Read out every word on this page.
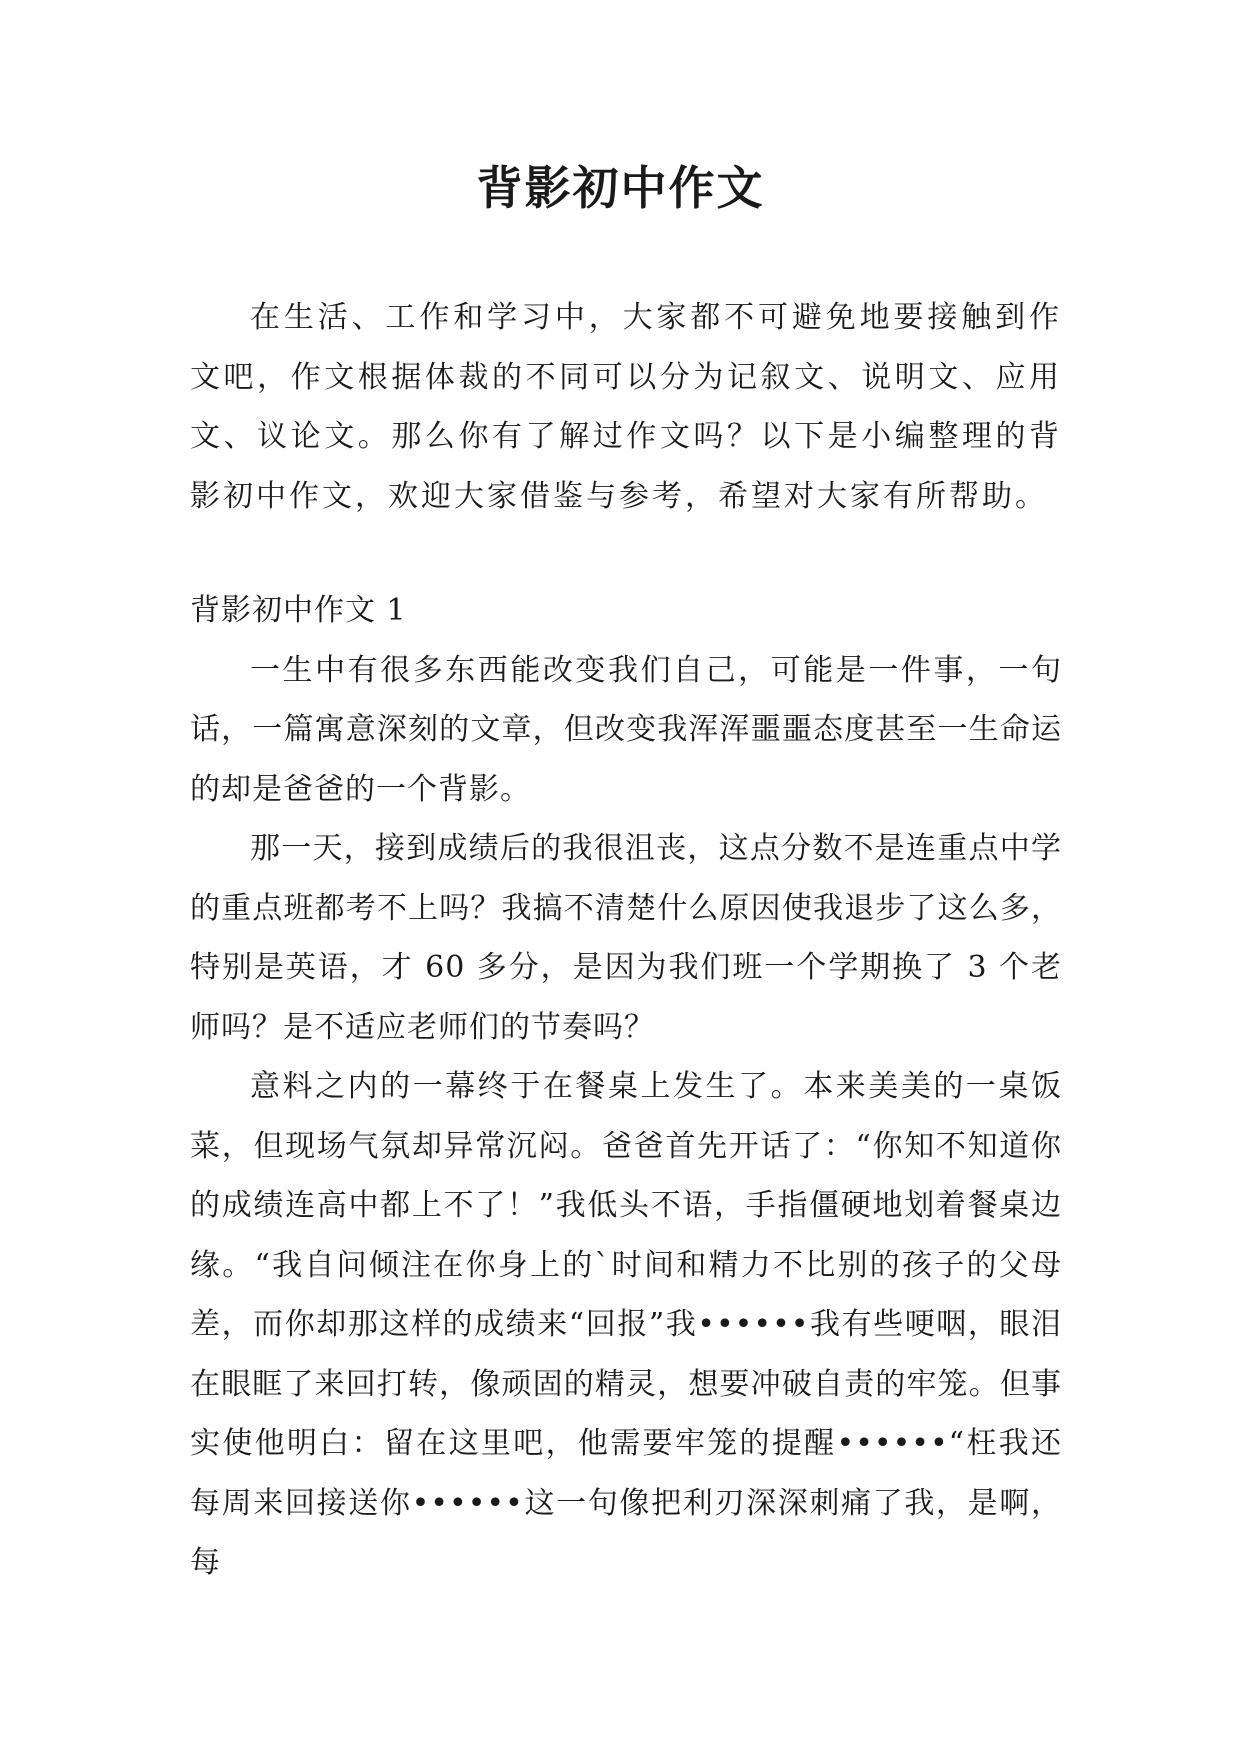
背影初中作文

在生活、工作和学习中，大家都不可避免地要接触到作文吧，作文根据体裁的不同可以分为记叙文、说明文、应用文、议论文。那么你有了解过作文吗？以下是小编整理的背影初中作文，欢迎大家借鉴与参考，希望对大家有所帮助。

背影初中作文 1

一生中有很多东西能改变我们自己，可能是一件事，一句话，一篇寓意深刻的文章，但改变我浑浑噩噩态度甚至一生命运的却是爸爸的一个背影。

那一天，接到成绩后的我很沮丧，这点分数不是连重点中学的重点班都考不上吗？我搞不清楚什么原因使我退步了这么多，特别是英语，才 60 多分，是因为我们班一个学期换了 3 个老师吗？是不适应老师们的节奏吗？

意料之内的一幕终于在餐桌上发生了。本来美美的一桌饭菜，但现场气氛却异常沉闷。爸爸首先开话了：“你知不知道你的成绩连高中都上不了！”我低头不语，手指僵硬地划着餐桌边缘。“我自问倾注在你身上的`时间和精力不比别的孩子的父母差，而你却那这样的成绩来“回报”我••••••我有些哽咽，眼泪在眼眶了来回打转，像顽固的精灵，想要冲破自责的牢笼。但事实使他明白：留在这里吧，他需要牢笼的提醒••••••“枉我还每周来回接送你••••••这一句像把利刃深深刺痛了我，是啊，每
